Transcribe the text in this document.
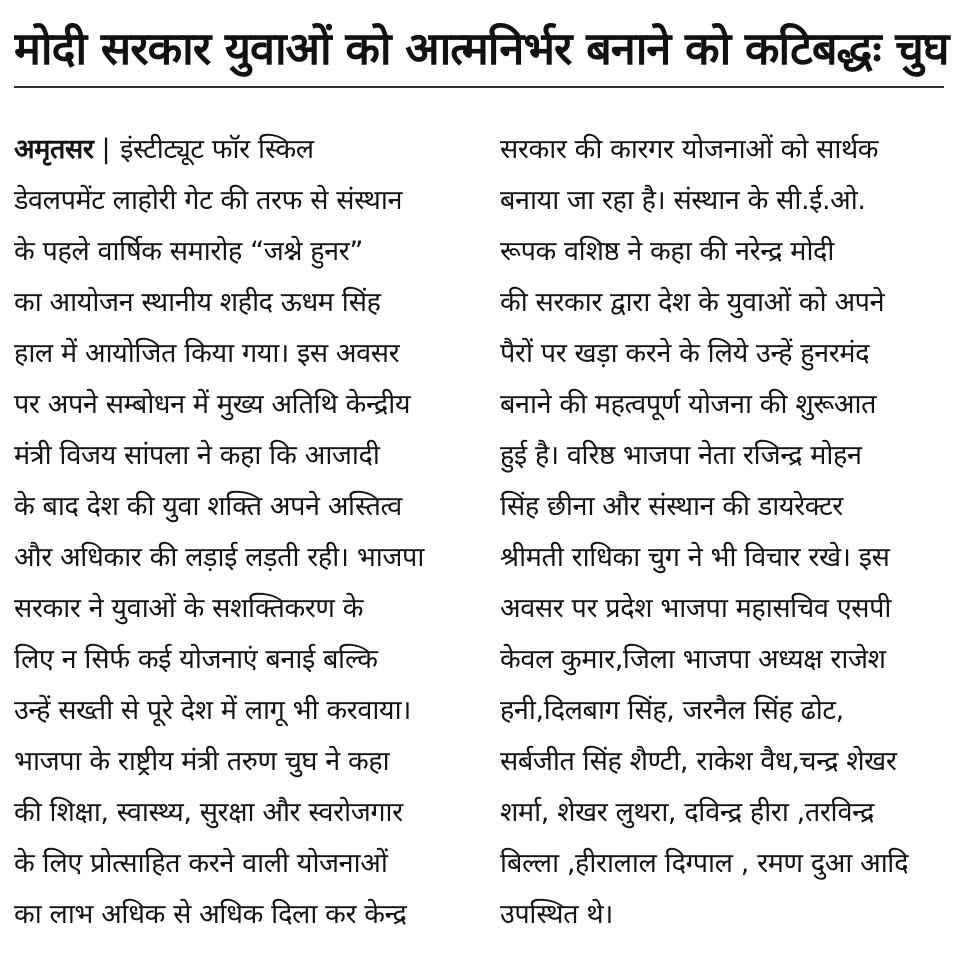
मोदी सरकार युवाओं को आत्मनिर्भर बनाने को कटिबद्धः चुघ
अमृतसर | इंस्टीट्यूट फॉर स्किल
डेवलपमेंट लाहोरी गेट की तरफ से संस्थान
के पहले वार्षिक समारोह “जश्ने हुनर”
का आयोजन स्थानीय शहीद ऊधम सिंह
हाल में आयोजित किया गया। इस अवसर
पर अपने सम्बोधन में मुख्य अतिथि केन्द्रीय
मंत्री विजय सांपला ने कहा कि आजादी
के बाद देश की युवा शक्ति अपने अस्तित्व
और अधिकार की लड़ाई लड़ती रही। भाजपा
सरकार ने युवाओं के सशक्तिकरण के
लिए न सिर्फ कई योजनाएं बनाई बल्कि
उन्हें सख्ती से पूरे देश में लागू भी करवाया।
भाजपा के राष्ट्रीय मंत्री तरुण चुघ ने कहा
की शिक्षा, स्वास्थ्य, सुरक्षा और स्वरोजगार
के लिए प्रोत्साहित करने वाली योजनाओं
का लाभ अधिक से अधिक दिला कर केन्द्र
सरकार की कारगर योजनाओं को सार्थक
बनाया जा रहा है। संस्थान के सी.ई.ओ.
रूपक वशिष्ठ ने कहा की नरेन्द्र मोदी
की सरकार द्वारा देश के युवाओं को अपने
पैरों पर खड़ा करने के लिये उन्हें हुनरमंद
बनाने की महत्वपूर्ण योजना की शुरूआत
हुई है। वरिष्ठ भाजपा नेता रजिन्द्र मोहन
सिंह छीना और संस्थान की डायरेक्टर
श्रीमती राधिका चुग ने भी विचार रखे। इस
अवसर पर प्रदेश भाजपा महासचिव एसपी
केवल कुमार,जिला भाजपा अध्यक्ष राजेश
हनी,दिलबाग सिंह, जरनैल सिंह ढोट,
सर्बजीत सिंह शैण्टी, राकेश वैध,चन्द्र शेखर
शर्मा, शेखर लुथरा, दविन्द्र हीरा ,तरविन्द्र
बिल्ला ,हीरालाल दिग्पाल , रमण दुआ आदि
उपस्थित थे।
